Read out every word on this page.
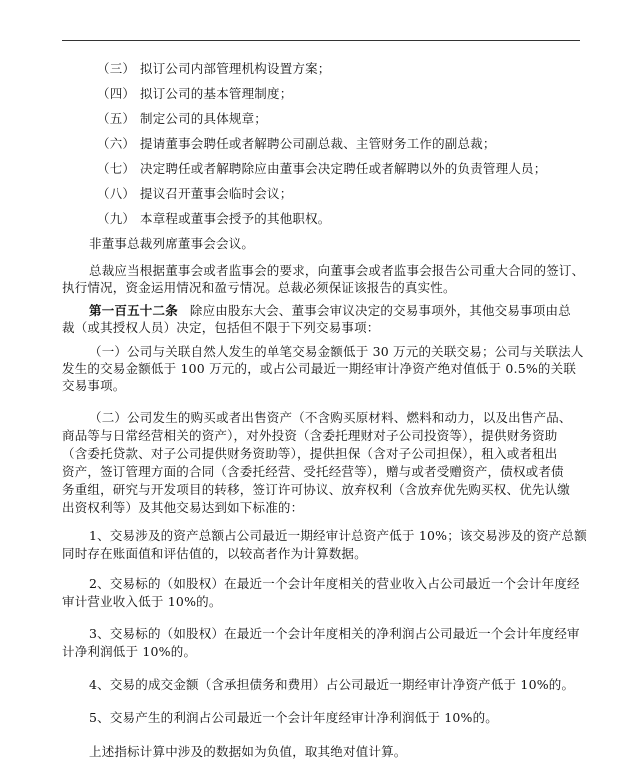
（三） 拟订公司内部管理机构设置方案；
（四） 拟订公司的基本管理制度；
（五） 制定公司的具体规章；
（六） 提请董事会聘任或者解聘公司副总裁、主管财务工作的副总裁；
（七） 决定聘任或者解聘除应由董事会决定聘任或者解聘以外的负责管理人员；
（八） 提议召开董事会临时会议；
（九） 本章程或董事会授予的其他职权。
非董事总裁列席董事会会议。
总裁应当根据董事会或者监事会的要求，向董事会或者监事会报告公司重大合同的签订、
执行情况，资金运用情况和盈亏情况。总裁必须保证该报告的真实性。
第一百五十二条 除应由股东大会、董事会审议决定的交易事项外，其他交易事项由总
裁（或其授权人员）决定，包括但不限于下列交易事项：
（一）公司与关联自然人发生的单笔交易金额低于 30 万元的关联交易；公司与关联法人
发生的交易金额低于 100 万元的，或占公司最近一期经审计净资产绝对值低于 0.5%的关联
交易事项。
（二）公司发生的购买或者出售资产（不含购买原材料、燃料和动力，以及出售产品、
商品等与日常经营相关的资产），对外投资（含委托理财对子公司投资等），提供财务资助
（含委托贷款、对子公司提供财务资助等），提供担保（含对子公司担保），租入或者租出
资产，签订管理方面的合同（含委托经营、受托经营等），赠与或者受赠资产，债权或者债
务重组，研究与开发项目的转移，签订许可协议、放弃权利（含放弃优先购买权、优先认缴
出资权利等）及其他交易达到如下标准的：
1、交易涉及的资产总额占公司最近一期经审计总资产低于 10%；该交易涉及的资产总额
同时存在账面值和评估值的，以较高者作为计算数据。
2、交易标的（如股权）在最近一个会计年度相关的营业收入占公司最近一个会计年度经
审计营业收入低于 10%的。
3、交易标的（如股权）在最近一个会计年度相关的净利润占公司最近一个会计年度经审
计净利润低于 10%的。
4、交易的成交金额（含承担债务和费用）占公司最近一期经审计净资产低于 10%的。
5、交易产生的利润占公司最近一个会计年度经审计净利润低于 10%的。
上述指标计算中涉及的数据如为负值，取其绝对值计算。
